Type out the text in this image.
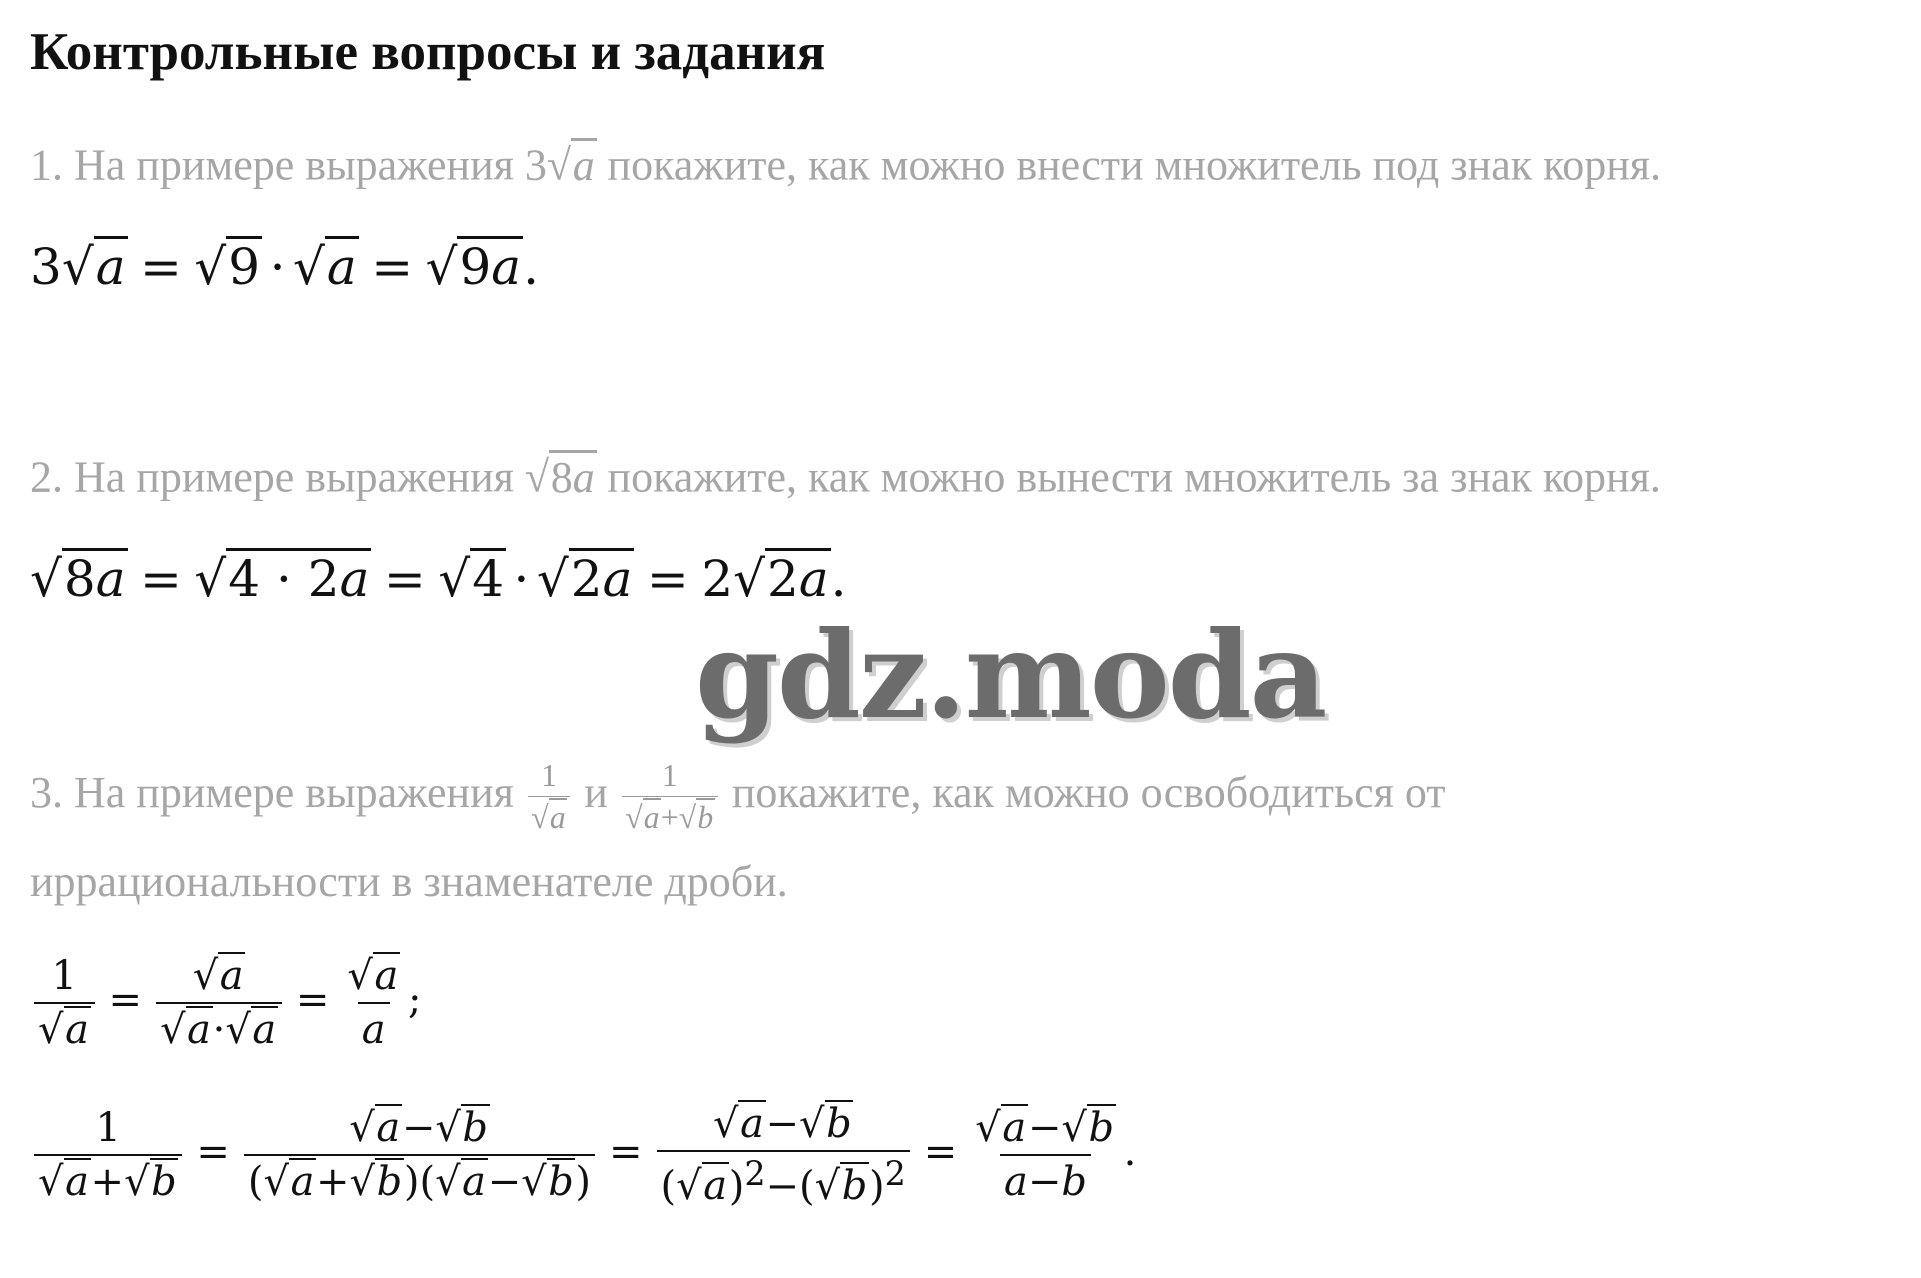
Контрольные вопросы и задания
1. На примере выражения 3√a покажите, как можно внести множитель под знак корня.
3√a = √9 · √a = √9a.
2. На примере выражения √8a покажите, как можно вынести множитель за знак корня.
√8a = √4 · 2a = √4 · √2a = 2√2a.
gdz.moda
3. На примере выражения $\frac{1}{√a}$ и $\frac{1}{√a+√b}$ покажите, как можно освободиться от
иррациональности в знаменателе дроби.
$\frac{1}{√a} = \frac{√a}{√a\cdot√a} = \frac{√a}{a}$ ;
$\frac{1}{√a+√b} = \frac{√a-√b}{(√a+√b)(√a-√b)} = \frac{√a-√b}{(√a)^2-(√b)^2} = \frac{√a-√b}{a-b}$ .
